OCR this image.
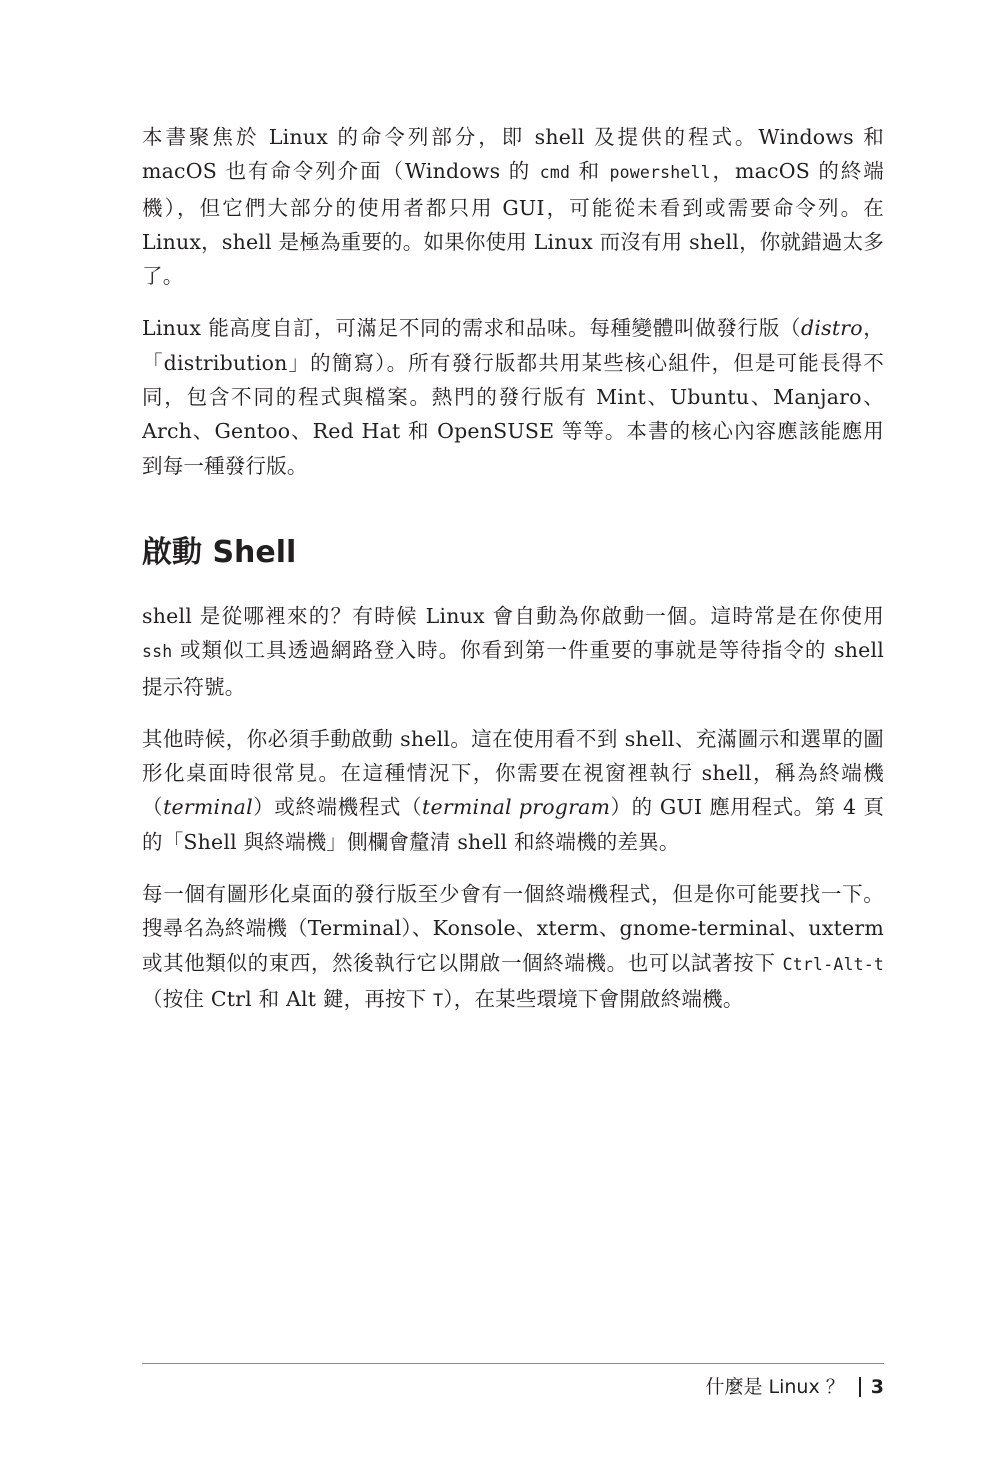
本書聚焦於 Linux 的命令列部分，即 shell 及提供的程式。Windows 和 macOS 也有命令列介面（Windows 的 cmd 和 powershell，macOS 的終端機），但它們大部分的使用者都只用 GUI，可能從未看到或需要命令列。在 Linux，shell 是極為重要的。如果你使用 Linux 而沒有用 shell，你就錯過太多了。

Linux 能高度自訂，可滿足不同的需求和品味。每種變體叫做發行版（distro，「distribution」的簡寫）。所有發行版都共用某些核心組件，但是可能長得不同，包含不同的程式與檔案。熱門的發行版有 Mint、Ubuntu、Manjaro、Arch、Gentoo、Red Hat 和 OpenSUSE 等等。本書的核心內容應該能應用到每一種發行版。

啟動 Shell

shell 是從哪裡來的？有時候 Linux 會自動為你啟動一個。這時常是在你使用 ssh 或類似工具透過網路登入時。你看到第一件重要的事就是等待指令的 shell 提示符號。

其他時候，你必須手動啟動 shell。這在使用看不到 shell、充滿圖示和選單的圖形化桌面時很常見。在這種情況下，你需要在視窗裡執行 shell，稱為終端機（terminal）或終端機程式（terminal program）的 GUI 應用程式。第 4 頁的「Shell 與終端機」側欄會釐清 shell 和終端機的差異。

每一個有圖形化桌面的發行版至少會有一個終端機程式，但是你可能要找一下。搜尋名為終端機（Terminal）、Konsole、xterm、gnome-terminal、uxterm 或其他類似的東西，然後執行它以開啟一個終端機。也可以試著按下 Ctrl-Alt-t（按住 Ctrl 和 Alt 鍵，再按下 T），在某些環境下會開啟終端機。

什麼是 Linux ？ 3
